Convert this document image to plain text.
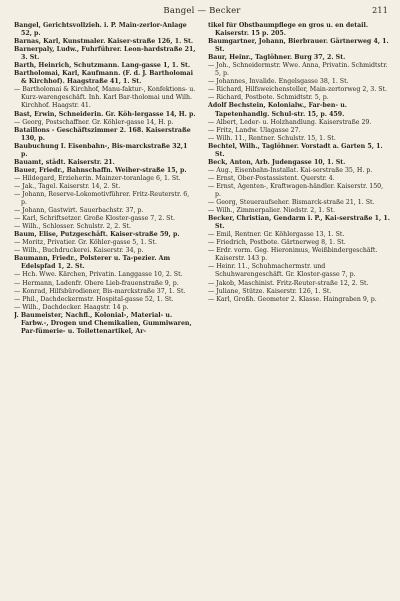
Bangel — Becker	211

Bangel, Gerichtsvollzieh. i. P. Main-zerlor-Anlage 52, p.

Barnas, Karl, Kunstmaler. Kaiser-straße 126, 1. St.

Barnerpaly, Ludw., Fuhrführer. Leon-hardstraße 21, 3. St.

Barth, Heinrich, Schutzmann. Lang-gasse 1, 1. St.

Bartholomai, Karl, Kaufmann. (F. d. J. Bartholomai & Kirchhof). Haagstraße 41, 1. St.

— Bartholomai & Kirchhof, Manu-faktur-, Konfektions- u. Kurz-warengeschäft. Inh. Karl Bar-tholomai und Wilh. Kirchhof. Haagstr. 41.

Bast, Erwin, Schneiderin. Gr. Köh-lergasse 14, H. p.

— Georg, Postschaffner. Gr. Köhler-gasse 14, H. p.

Bataillons - Geschäftszimmer 2. 168. Kaiserstraße 130, p.

Baubuchung I. Eisenbahn-, Bis-marckstraße 32,1 p.

Bauamt, städt. Kaiserstr. 21.

Bauer, Friedr., Bahnschaffn. Weiher-straße 15, p.

— Hildegard, Erzieherin. Mainzer-toranlage 6, 1. St.

— Jak., Tagel. Kaiserstr. 14, 2. St.

— Johann, Reserve-Lokomotivführer. Fritz-Reuterstr. 6, p.

— Johann, Gastwirt. Sauerbachstr. 37, p.

— Karl, Schriftsetzer. Große Kloster-gasse 7, 2. St.

— Wilh., Schlosser. Schulstr. 2, 2. St.

Baum, Elise, Putzgeschäft. Kaiser-straße 59, p.

— Moritz, Privatier. Gr. Köhler-gasse 5, 1. St.

— Wilh., Buchdruckerei. Kaiserstr. 34, p.

Baumann, Friedr., Polsterer u. Ta-pezier. Am Edelspfad 1, 2. St.

— Hch. Wwe. Kärchen, Privatin. Langgasse 10, 2. St.

— Hermann, Ladenfr. Obere Lieb-frauenstraße 9, p.

— Konrad, Hilfsbürodiener, Bis-marckstraße 37, 1. St.

— Phil., Dachdeckermstr. Hospital-gasse 52, 1. St.

— Wilh., Dachdecker. Haagstr. 14 p.

J. Baumeister, Nachfl., Kolonial-, Material- u. Farbw.-, Drogen und Chemikalien, Gummiwaren, Par-fümerie- u. Toilettenartikel, Ar-

tikel für Obstbaumpflege en gros u. en detail. Kaiserstr. 15 p. 205.

Baumgartner, Johann, Bierbrauer. Gärtnerweg 4, 1. St.

Baur, Heinr., Taglöhner. Burg 37, 2. St.

— Joh., Schneidermstr. Wwe. Anna, Privatin. Schmidtstr. 5, p.

— Johannes, Invalide. Engelsgasse 38, 1. St.

— Richard, Hilfsweichensteller, Main-zertorweg 2, 3. St.

— Richard, Postbote. Schmidtstr. 5, p.

Adolf Bechstein, Kolonialw., Far-ben- u. Tapetenhandlg. Schul-str. 15, p. 459.

— Albert, Leder- u. Holzhandlung. Kaiserstraße 29.

— Fritz, Landw. Ulagasse 27.

— Wilh. 11., Rentner. Schulstr. 15, 1. St.

Bechtel, Wilh., Taglöhner. Vorstadt a. Garten 5, 1. St.

Beck, Anton, Arb. Judengasse 10, 1. St.

— Aug., Eisenbahn-Installat. Kai-serstraße 35, H. p.

— Ernst, Ober-Postassistent. Querstr. 4.

— Ernst, Agenten-, Kraftwagen-händler. Kaiserstr. 150, p.

— Georg, Steueraufseher. Bismarck-straße 21, 1. St.

— Wilh., Zimmerpalier. Niedstr. 2, 1. St.

Becker, Christian, Gendarm i. P., Kai-serstraße 1, 1. St.

— Emil, Rentner. Gr. Köhlergasse 13, 1. St.

— Friedrich, Postbote. Gärtnerweg 8, 1. St.

— Erdr. vorm. Geg. Hieronimus, Weißbindergeschäft. Kaiserstr. 143 p.

— Heinr. 11., Schuhmachermstr. und Schuhwarengeschäft. Gr. Kloster-gasse 7, p.

— Jakob, Maschinist. Fritz-Reuter-straße 12, 2. St.

— Juliane, Stütze. Kaiserstr. 126, 1. St.

— Karl, Großh. Geometer 2. Klasse. Haingraben 9, p.
